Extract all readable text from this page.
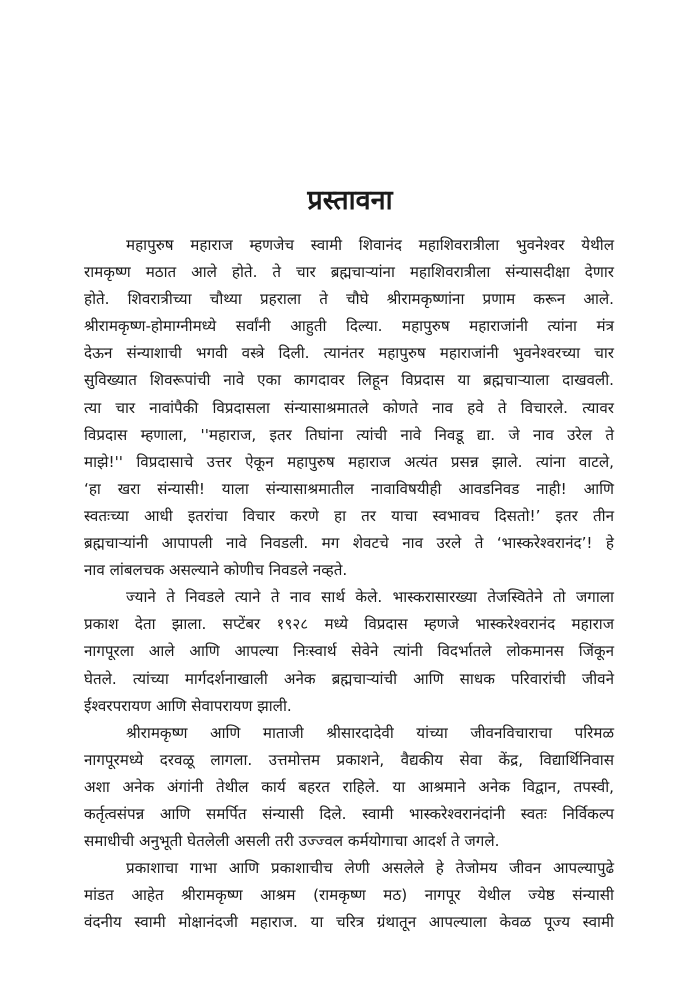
प्रस्तावना
महापुरुष महाराज म्हणजेच स्वामी शिवानंद महाशिवरात्रीला भुवनेश्वर येथील
रामकृष्ण मठात आले होते. ते चार ब्रह्मचाऱ्यांना महाशिवरात्रीला संन्यासदीक्षा देणार
होते. शिवरात्रीच्या चौथ्या प्रहराला ते चौघे श्रीरामकृष्णांना प्रणाम करून आले.
श्रीरामकृष्ण-होमाग्नीमध्ये सर्वांनी आहुती दिल्या. महापुरुष महाराजांनी त्यांना मंत्र
देऊन संन्याशाची भगवी वस्त्रे दिली. त्यानंतर महापुरुष महाराजांनी भुवनेश्वरच्या चार
सुविख्यात शिवरूपांची नावे एका कागदावर लिहून विप्रदास या ब्रह्मचाऱ्याला दाखवली.
त्या चार नावांपैकी विप्रदासला संन्यासाश्रमातले कोणते नाव हवे ते विचारले. त्यावर
विप्रदास म्हणाला, ''महाराज, इतर तिघांना त्यांची नावे निवडू द्या. जे नाव उरेल ते
माझे!'' विप्रदासाचे उत्तर ऐकून महापुरुष महाराज अत्यंत प्रसन्न झाले. त्यांना वाटले,
‘हा खरा संन्यासी! याला संन्यासाश्रमातील नावाविषयीही आवडनिवड नाही! आणि
स्वतःच्या आधी इतरांचा विचार करणे हा तर याचा स्वभावच दिसतो!’ इतर तीन
ब्रह्मचाऱ्यांनी आपापली नावे निवडली. मग शेवटचे नाव उरले ते ‘भास्करेश्वरानंद’! हे
नाव लांबलचक असल्याने कोणीच निवडले नव्हते.
ज्याने ते निवडले त्याने ते नाव सार्थ केले. भास्करासारख्या तेजस्वितेने तो जगाला
प्रकाश देता झाला. सप्टेंबर १९२८ मध्ये विप्रदास म्हणजे भास्करेश्वरानंद महाराज
नागपूरला आले आणि आपल्या निःस्वार्थ सेवेने त्यांनी विदर्भातले लोकमानस जिंकून
घेतले. त्यांच्या मार्गदर्शनाखाली अनेक ब्रह्मचाऱ्यांची आणि साधक परिवारांची जीवने
ईश्वरपरायण आणि सेवापरायण झाली.
श्रीरामकृष्ण आणि माताजी श्रीसारदादेवी यांच्या जीवनविचाराचा परिमळ
नागपूरमध्ये दरवळू लागला. उत्तमोत्तम प्रकाशने, वैद्यकीय सेवा केंद्र, विद्यार्थिनिवास
अशा अनेक अंगांनी तेथील कार्य बहरत राहिले. या आश्रमाने अनेक विद्वान, तपस्वी,
कर्तृत्वसंपन्न आणि समर्पित संन्यासी दिले. स्वामी भास्करेश्वरानंदांनी स्वतः निर्विकल्प
समाधीची अनुभूती घेतलेली असली तरी उज्ज्वल कर्मयोगाचा आदर्श ते जगले.
प्रकाशाचा गाभा आणि प्रकाशाचीच लेणी असलेले हे तेजोमय जीवन आपल्यापुढे
मांडत आहेत श्रीरामकृष्ण आश्रम (रामकृष्ण मठ) नागपूर येथील ज्येष्ठ संन्यासी
वंदनीय स्वामी मोक्षानंदजी महाराज. या चरित्र ग्रंथातून आपल्याला केवळ पूज्य स्वामी
